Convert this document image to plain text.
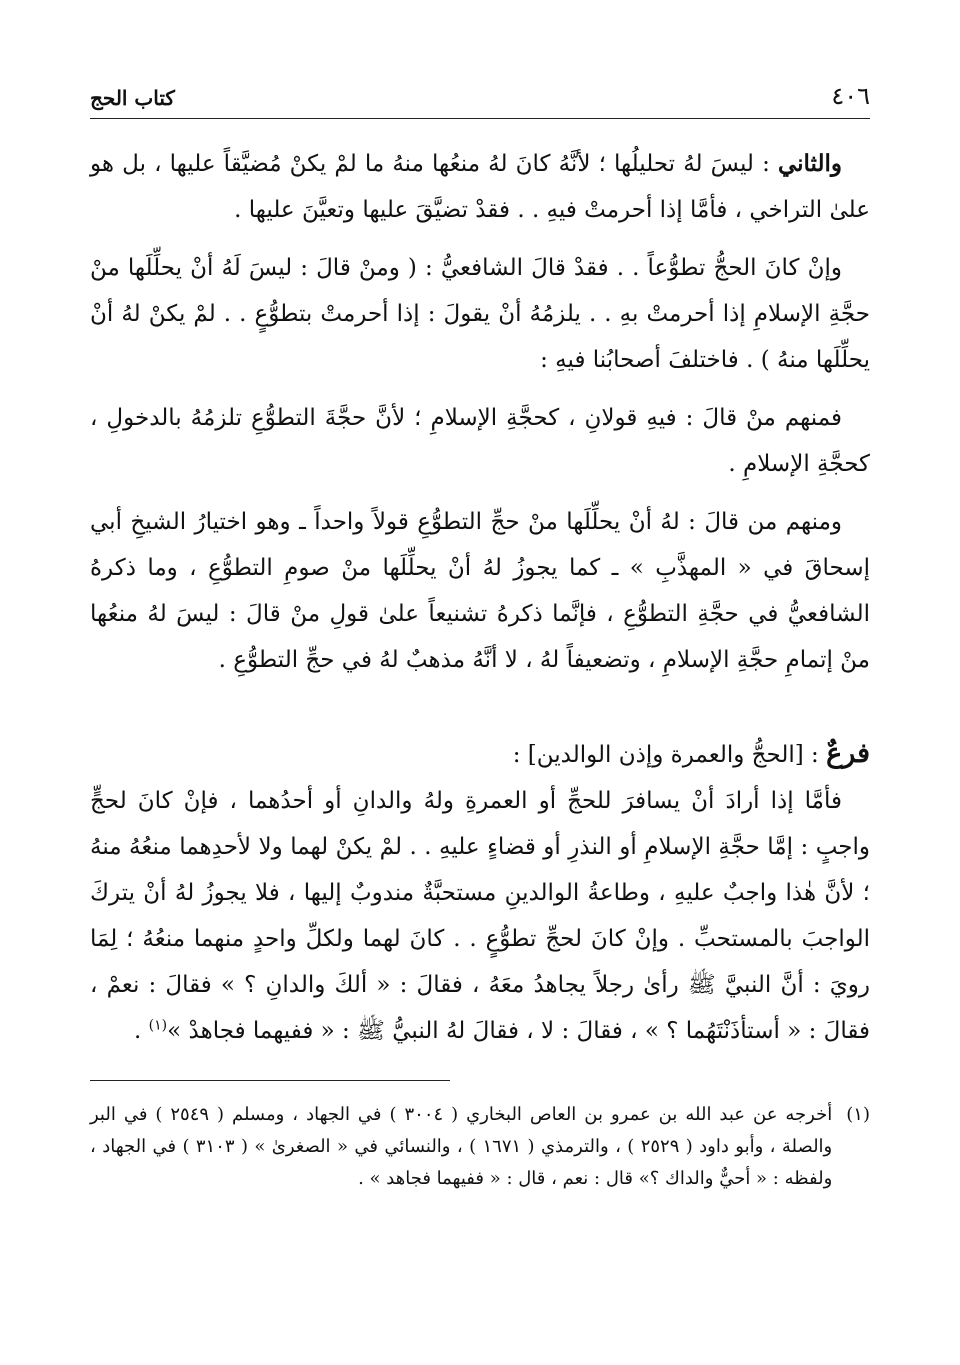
٤٠٦
كتاب الحج

والثاني : ليسَ لهُ تحليلُها ؛ لأنَّهُ كانَ لهُ منعُها منهُ ما لمْ يكنْ مُضيَّقاً عليها ، بل هو علىٰ التراخي ، فأمَّا إذا أحرمتْ فيهِ . . فقدْ تضيَّقَ عليها وتعيَّنَ عليها .

وإنْ كانَ الحجُّ تطوُّعاً . . فقدْ قالَ الشافعيُّ : ( ومنْ قالَ : ليسَ لَهُ أنْ يحلِّلَها منْ حجَّةِ الإسلامِ إذا أحرمتْ بهِ . . يلزمُهُ أنْ يقولَ : إذا أحرمتْ بتطوُّعٍ . . لمْ يكنْ لهُ أنْ يحلِّلَها منهُ ) . فاختلفَ أصحابُنا فيهِ :

فمنهم منْ قالَ : فيهِ قولانِ ، كحجَّةِ الإسلامِ ؛ لأنَّ حجَّةَ التطوُّعِ تلزمُهُ بالدخولِ ، كحجَّةِ الإسلامِ .

ومنهم من قالَ : لهُ أنْ يحلِّلَها منْ حجِّ التطوُّعِ قولاً واحداً ـ وهو اختيارُ الشيخِ أبي إسحاقَ في « المهذَّبِ » ـ كما يجوزُ لهُ أنْ يحلِّلَها منْ صومِ التطوُّعِ ، وما ذكرهُ الشافعيُّ في حجَّةِ التطوُّعِ ، فإنَّما ذكرهُ تشنيعاً علىٰ قولِ منْ قالَ : ليسَ لهُ منعُها منْ إتمامِ حجَّةِ الإسلامِ ، وتضعيفاً لهُ ، لا أنَّهُ مذهبٌ لهُ في حجِّ التطوُّعِ .

فرعٌ : [الحجُّ والعمرة وإذن الوالدين] :

فأمَّا إذا أرادَ أنْ يسافرَ للحجِّ أو العمرةِ ولهُ والدانِ أو أحدُهما ، فإنْ كانَ لحجٍّ واجبٍ : إمَّا حجَّةِ الإسلامِ أو النذرِ أو قضاءٍ عليهِ . . لمْ يكنْ لهما ولا لأحدِهما منعُهُ منهُ ؛ لأنَّ هٰذا واجبٌ عليهِ ، وطاعةُ الوالدينِ مستحبَّةٌ مندوبٌ إليها ، فلا يجوزُ لهُ أنْ يتركَ الواجبَ بالمستحبِّ . وإنْ كانَ لحجِّ تطوُّعٍ . . كانَ لهما ولكلِّ واحدٍ منهما منعُهُ ؛ لِمَا رويَ : أنَّ النبيَّ ﷺ رأىٰ رجلاً يجاهدُ معَهُ ، فقالَ : « ألكَ والدانِ ؟ » فقالَ : نعمْ ، فقالَ : « أستأذَنْتَهُما ؟ » ، فقالَ : لا ، فقالَ لهُ النبيُّ ﷺ : « ففيهما فجاهدْ »$^{(١)}$ .

(١)
أخرجه عن عبد الله بن عمرو بن العاص البخاري ( ٣٠٠٤ ) في الجهاد ، ومسلم ( ٢٥٤٩ ) في البر والصلة ، وأبو داود ( ٢٥٢٩ ) ، والترمذي ( ١٦٧١ ) ، والنسائي في « الصغرىٰ » ( ٣١٠٣ ) في الجهاد ، ولفظه : « أحيٌّ والداك ؟» قال : نعم ، قال : « ففيهما فجاهد » .
